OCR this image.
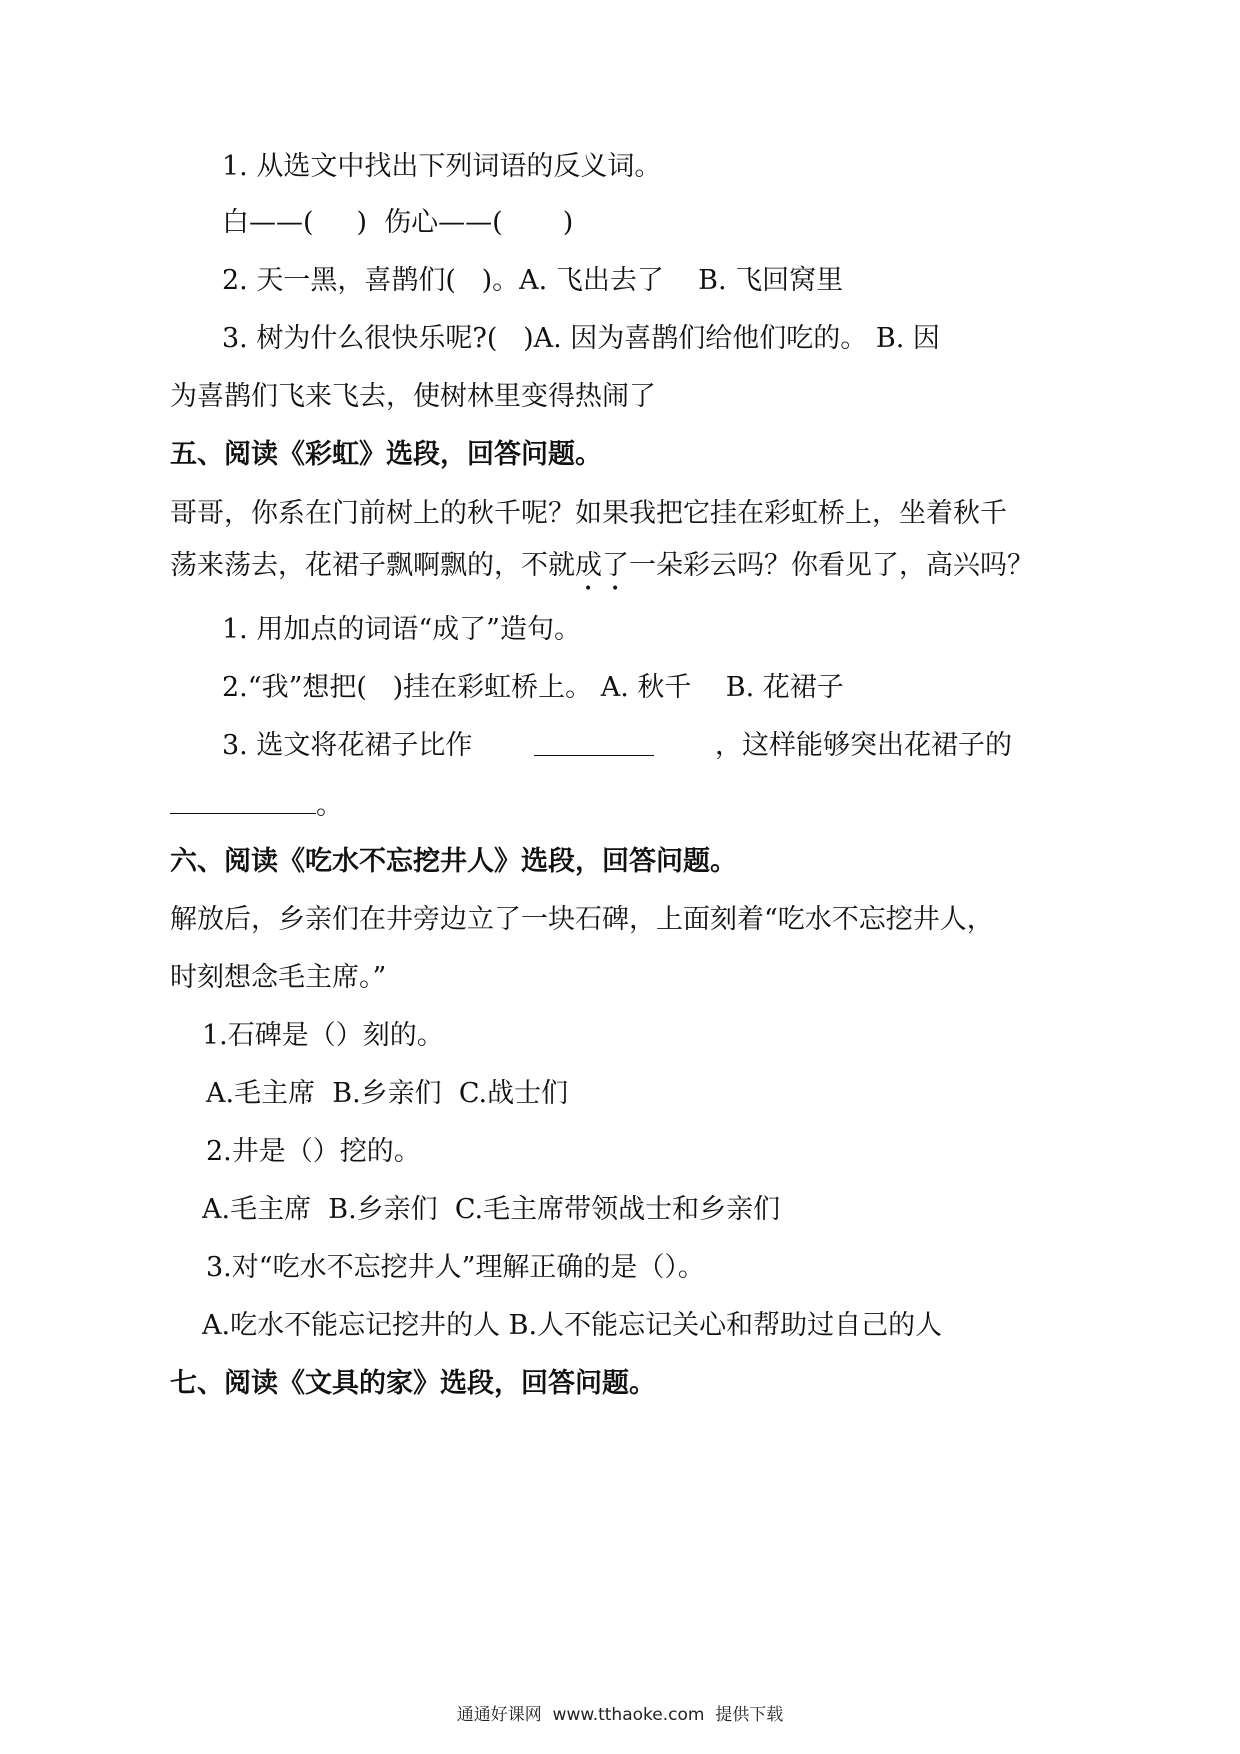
1. 从选文中找出下列词语的反义词。
白——(     )  伤心——(       )
2. 天一黑，喜鹊们(   )。A. 飞出去了    B. 飞回窝里
3. 树为什么很快乐呢?(   )A. 因为喜鹊们给他们吃的。 B. 因
为喜鹊们飞来飞去，使树林里变得热闹了
五、阅读《彩虹》选段，回答问题。
哥哥，你系在门前树上的秋千呢？如果我把它挂在彩虹桥上，坐着秋千
荡来荡去，花裙子飘啊飘的，不就成了一朵彩云吗？你看见了，高兴吗？
1. 用加点的词语“成了”造句。
2.“我”想把(   )挂在彩虹桥上。 A. 秋千    B. 花裙子
3. 选文将花裙子比作	，这样能够突出花裙子的
。
六、阅读《吃水不忘挖井人》选段，回答问题。
解放后，乡亲们在井旁边立了一块石碑，上面刻着“吃水不忘挖井人，
时刻想念毛主席。”
1.石碑是（）刻的。
A.毛主席  B.乡亲们  C.战士们
2.井是（）挖的。
A.毛主席  B.乡亲们  C.毛主席带领战士和乡亲们
3.对“吃水不忘挖井人”理解正确的是（）。
A.吃水不能忘记挖井的人 B.人不能忘记关心和帮助过自己的人
七、阅读《文具的家》选段，回答问题。
通通好课网  www.tthaoke.com  提供下载
